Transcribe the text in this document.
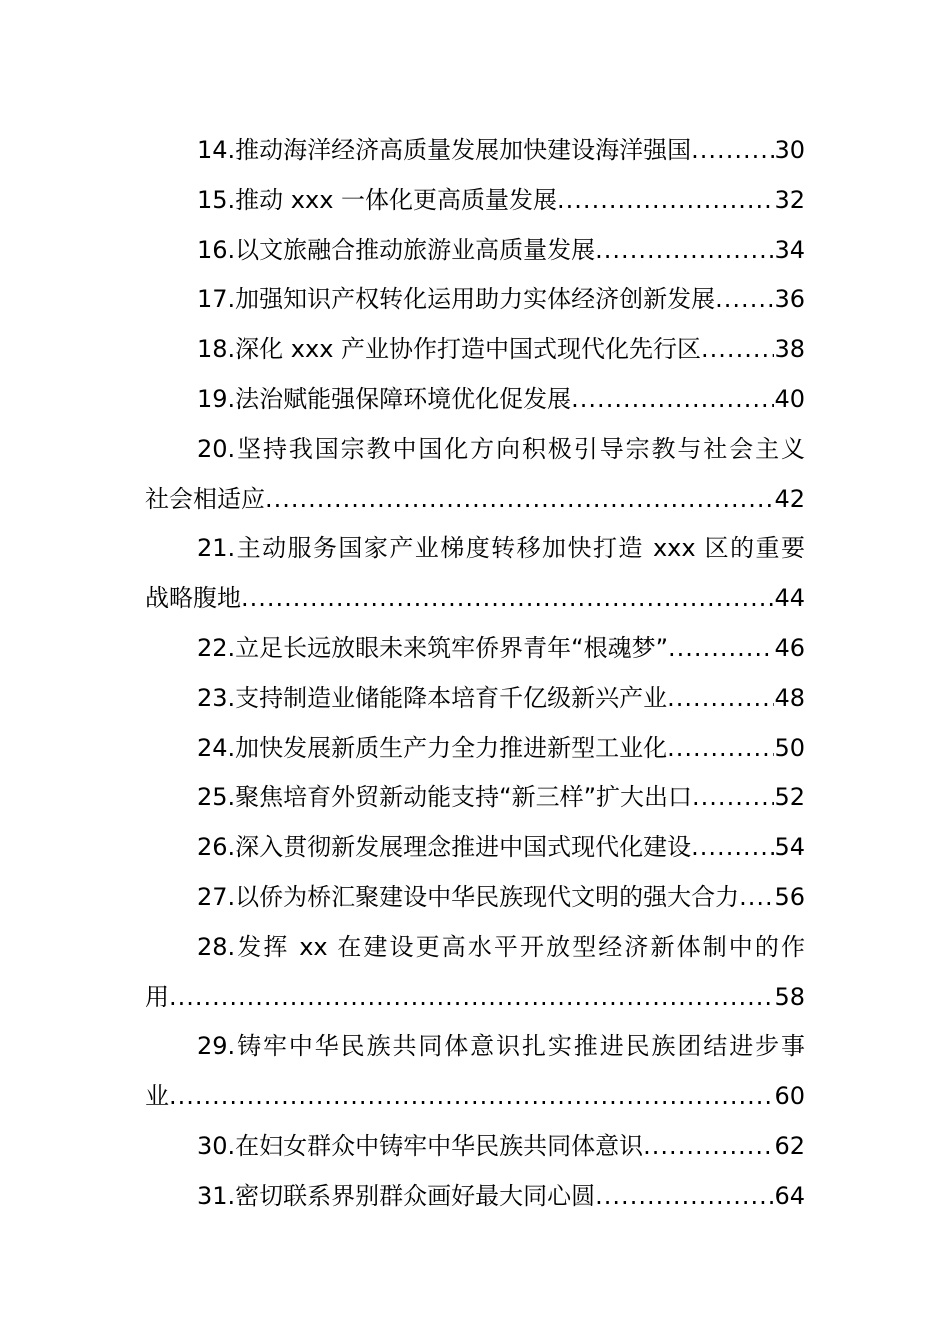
14.推动海洋经济高质量发展加快建设海洋强国 .....	30
15.推动 xxx 一体化更高质量发展 .....	32
16.以文旅融合推动旅游业高质量发展 .....	34
17.加强知识产权转化运用助力实体经济创新发展 ..... 36
18.深化 xxx 产业协作打造中国式现代化先行区 .....	38
19.法治赋能强保障环境优化促发展 .....	40
20.坚持我国宗教中国化方向积极引导宗教与社会主义
社会相适应 .....	42
21.主动服务国家产业梯度转移加快打造 xxx 区的重要
战略腹地 .....	44
22.立足长远放眼未来筑牢侨界青年“根魂梦” .....	46
23.支持制造业储能降本培育千亿级新兴产业 .....	48
24.加快发展新质生产力全力推进新型工业化 .....	50
25.聚焦培育外贸新动能支持“新三样”扩大出口 .....	52
26.深入贯彻新发展理念推进中国式现代化建设 .....	54
27.以侨为桥汇聚建设中华民族现代文明的强大合力 ..... 56
28.发挥 xx 在建设更高水平开放型经济新体制中的作
用 .....	58
29.铸牢中华民族共同体意识扎实推进民族团结进步事
业 .....	60
30.在妇女群众中铸牢中华民族共同体意识 .....	62
31.密切联系界别群众画好最大同心圆 .....	64
